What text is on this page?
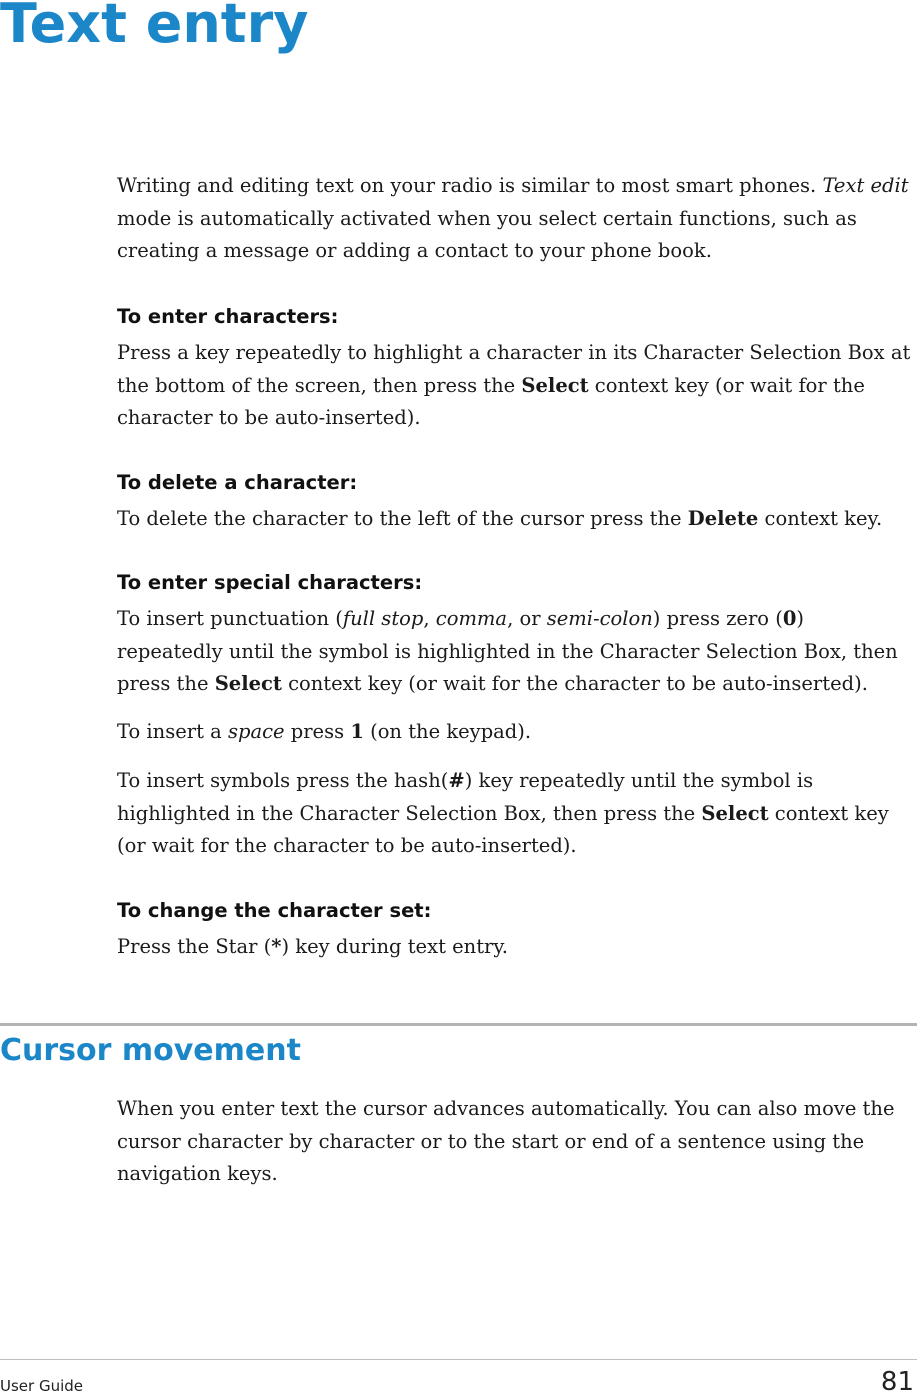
Text entry

Writing and editing text on your radio is similar to most smart phones. Text edit mode is automatically activated when you select certain functions, such as creating a message or adding a contact to your phone book.

To enter characters:

Press a key repeatedly to highlight a character in its Character Selection Box at the bottom of the screen, then press the Select context key (or wait for the character to be auto-inserted).

To delete a character:

To delete the character to the left of the cursor press the Delete context key.

To enter special characters:

To insert punctuation (full stop, comma, or semi-colon) press zero (0) repeatedly until the symbol is highlighted in the Character Selection Box, then press the Select context key (or wait for the character to be auto-inserted).

To insert a space press 1 (on the keypad).

To insert symbols press the hash(#) key repeatedly until the symbol is highlighted in the Character Selection Box, then press the Select context key (or wait for the character to be auto-inserted).

To change the character set:

Press the Star (*) key during text entry.

Cursor movement

When you enter text the cursor advances automatically. You can also move the cursor character by character or to the start or end of a sentence using the navigation keys.

User Guide	81
